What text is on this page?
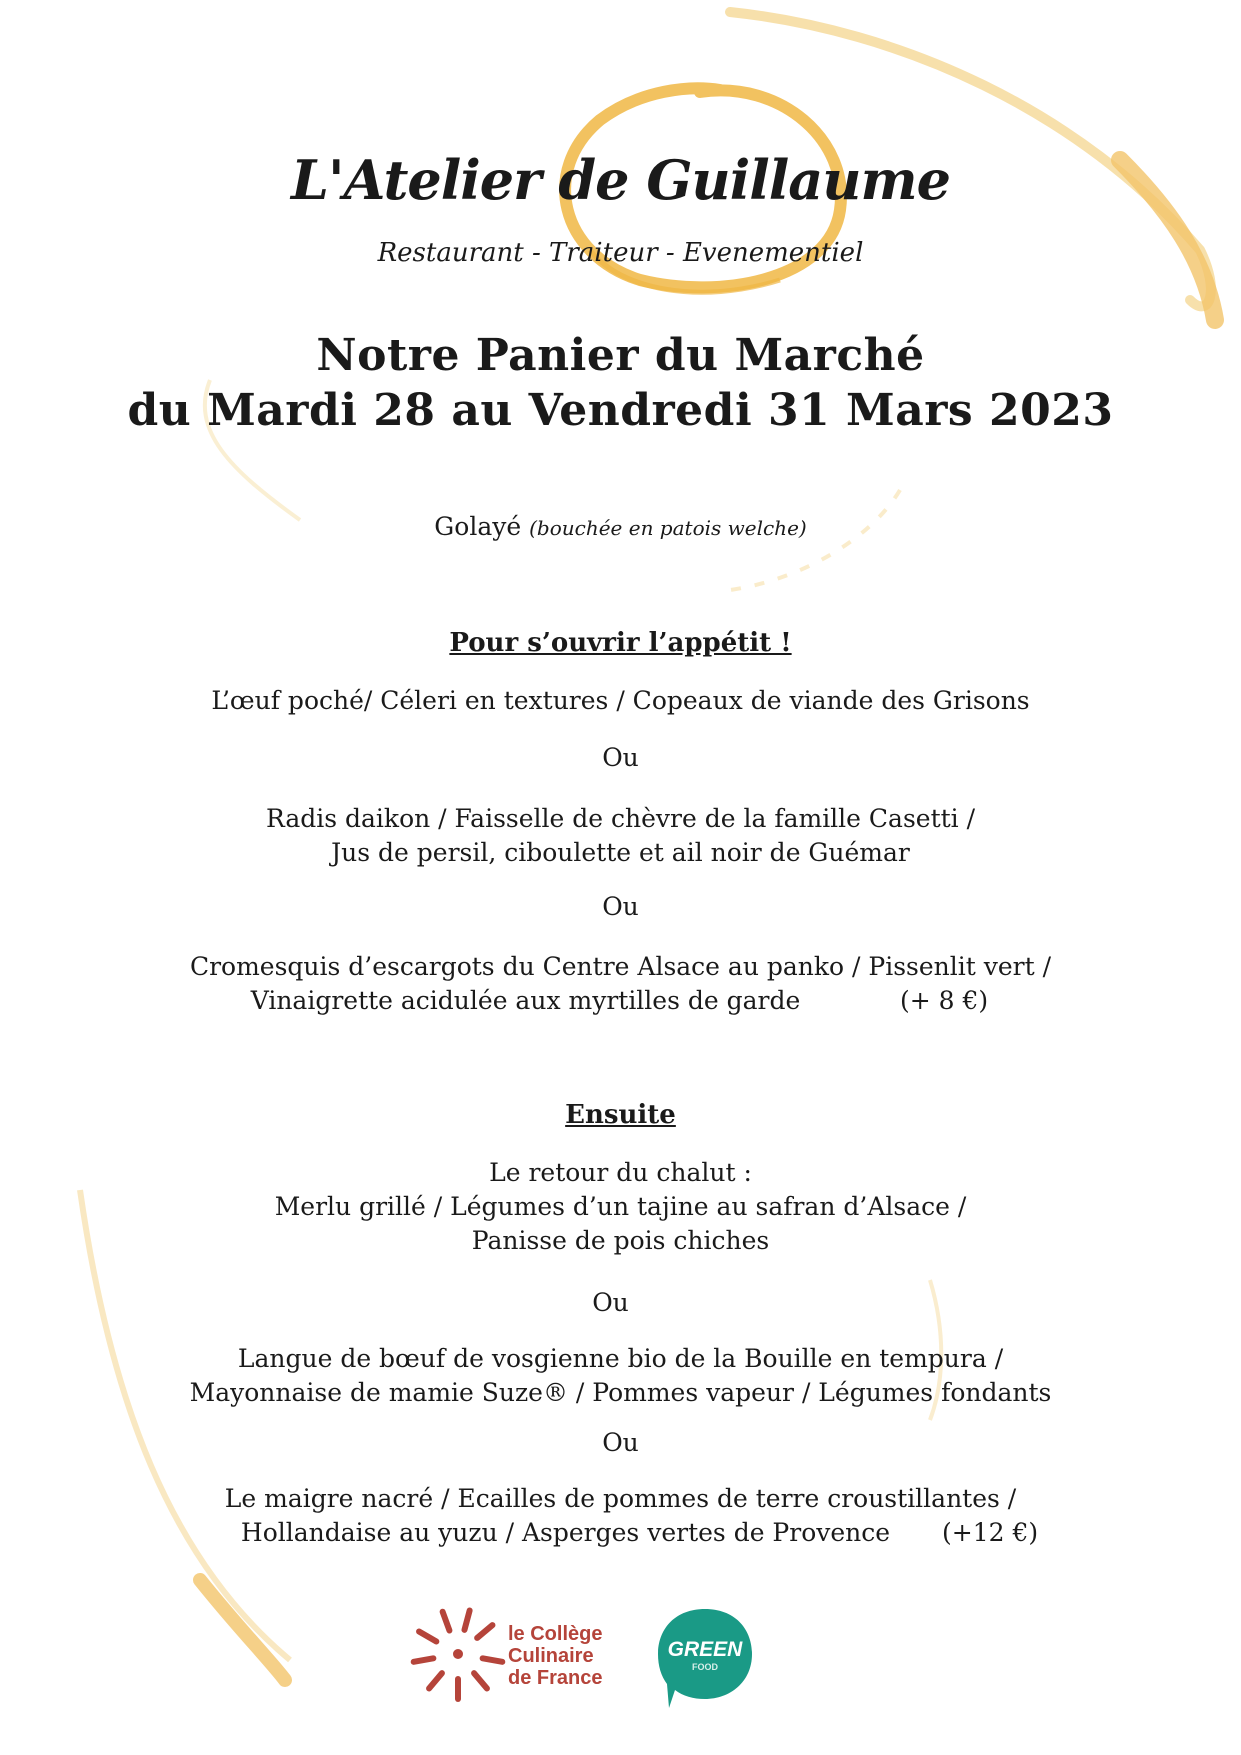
L'Atelier de Guillaume
Restaurant - Traiteur - Evenementiel
Notre Panier du Marché
du Mardi 28 au Vendredi 31 Mars 2023
Golayé (bouchée en patois welche)
Pour s’ouvrir l’appétit !
L’œuf poché/ Céleri en textures / Copeaux de viande des Grisons
Ou
Radis daikon / Faisselle de chèvre de la famille Casetti /
Jus de persil, ciboulette et ail noir de Guémar
Ou
Cromesquis d’escargots du Centre Alsace au panko / Pissenlit vert /
Vinaigrette acidulée aux myrtilles de garde	(+ 8 €)
Ensuite
Le retour du chalut :
Merlu grillé / Légumes d’un tajine au safran d’Alsace /
Panisse de pois chiches
Ou
Langue de bœuf de vosgienne bio de la Bouille en tempura /
Mayonnaise de mamie Suze® / Pommes vapeur / Légumes fondants
Ou
Le maigre nacré / Ecailles de pommes de terre croustillantes /
Hollandaise au yuzu / Asperges vertes de Provence (+12 €)
le Collège
Culinaire
de France
GREEN
FOOD
